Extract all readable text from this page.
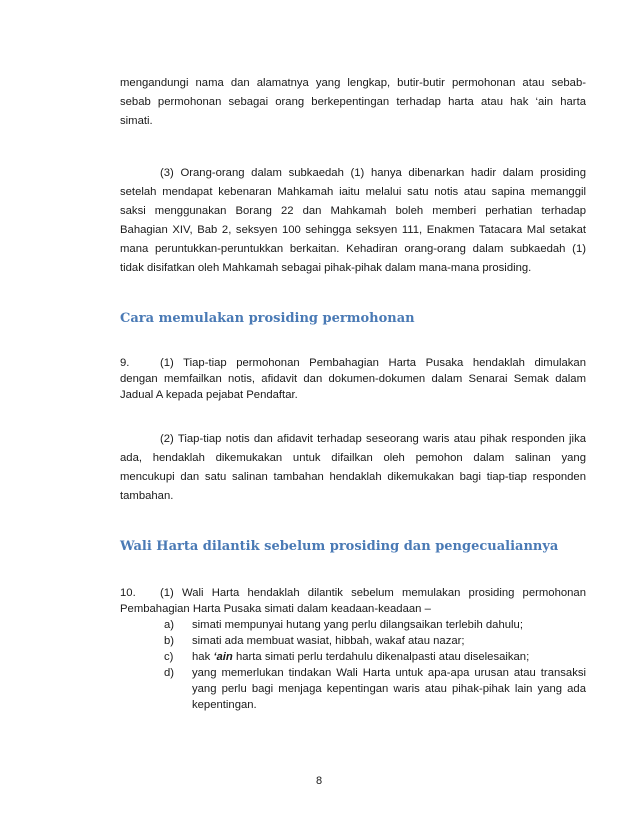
mengandungi nama dan alamatnya yang lengkap, butir-butir permohonan atau sebab-
sebab permohonan sebagai orang berkepentingan terhadap harta atau hak ‘ain harta
simati.
(3) Orang-orang dalam subkaedah (1) hanya dibenarkan hadir dalam prosiding
setelah mendapat kebenaran Mahkamah iaitu melalui satu notis atau sapina memanggil
saksi menggunakan Borang 22 dan Mahkamah boleh memberi perhatian terhadap
Bahagian XIV, Bab 2, seksyen 100 sehingga seksyen 111, Enakmen Tatacara Mal setakat
mana peruntukkan-peruntukkan berkaitan. Kehadiran orang-orang dalam subkaedah (1)
tidak disifatkan oleh Mahkamah sebagai pihak-pihak dalam mana-mana prosiding.
Cara memulakan prosiding permohonan
9.	(1) Tiap-tiap permohonan Pembahagian Harta Pusaka hendaklah dimulakan
dengan memfailkan notis, afidavit dan dokumen-dokumen dalam Senarai Semak dalam
Jadual A kepada pejabat Pendaftar.
(2) Tiap-tiap notis dan afidavit terhadap seseorang waris atau pihak responden jika
ada, hendaklah dikemukakan untuk difailkan oleh pemohon dalam salinan yang
mencukupi dan satu salinan tambahan hendaklah dikemukakan bagi tiap-tiap responden
tambahan.
Wali Harta dilantik sebelum prosiding dan pengecualiannya
10. (1) Wali Harta hendaklah dilantik sebelum memulakan prosiding permohonan
Pembahagian Harta Pusaka simati dalam keadaan-keadaan –
a)	simati mempunyai hutang yang perlu dilangsaikan terlebih dahulu;
b)	simati ada membuat wasiat, hibbah, wakaf atau nazar;
c)	hak ‘ain harta simati perlu terdahulu dikenalpasti atau diselesaikan;
d)	yang memerlukan tindakan Wali Harta untuk apa-apa urusan atau transaksi
yang perlu bagi menjaga kepentingan waris atau pihak-pihak lain yang ada
kepentingan.
8
